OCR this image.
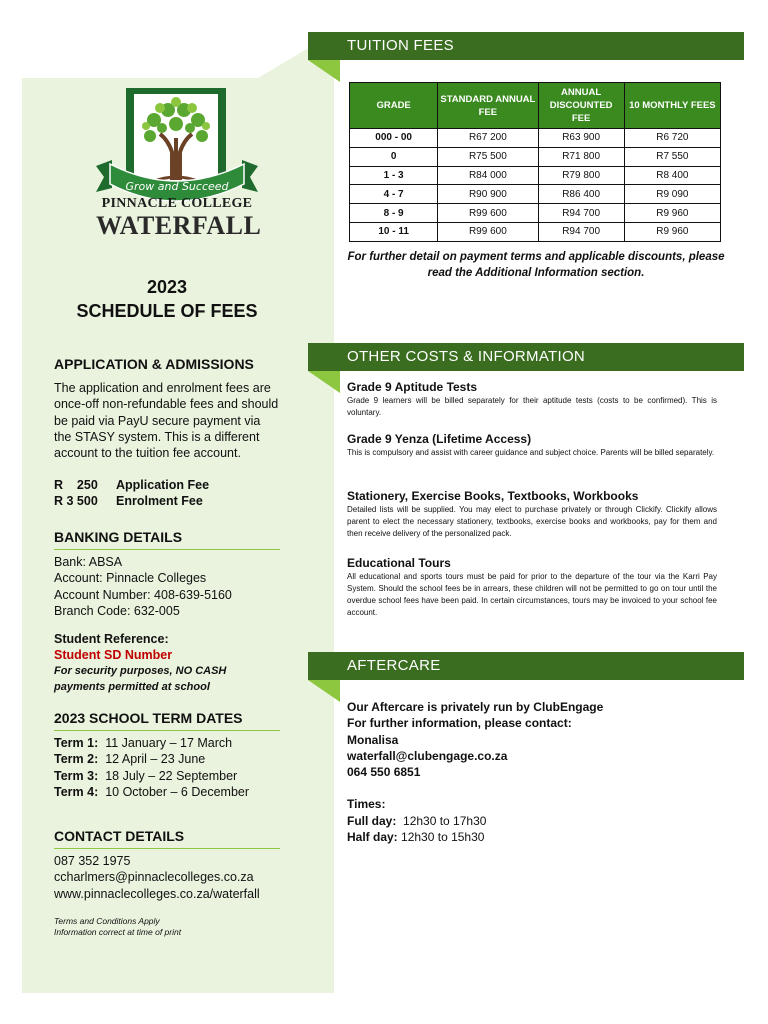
Grow and Succeed
PINNACLE COLLEGE
WATERFALL
2023
SCHEDULE OF FEES
APPLICATION & ADMISSIONS
The application and enrolment fees are once-off non-refundable fees and should be paid via PayU secure payment via the STASY system. This is a different account to the tuition fee account.
R    250	Application Fee
R 3 500	Enrolment Fee
BANKING DETAILS
Bank: ABSA
Account: Pinnacle Colleges
Account Number: 408-639-5160
Branch Code: 632-005
Student Reference:
Student SD Number
For security purposes, NO CASH payments permitted at school
2023 SCHOOL TERM DATES
Term 1: 11 January – 17 March
Term 2: 12 April – 23 June
Term 3: 18 July – 22 September
Term 4: 10 October – 6 December
CONTACT DETAILS
087 352 1975
ccharlmers@pinnaclecolleges.co.za
www.pinnaclecolleges.co.za/waterfall
Terms and Conditions Apply
Information correct at time of print
TUITION FEES
GRADE	STANDARD ANNUAL FEE	ANNUAL DISCOUNTED FEE	10 MONTHLY FEES
000 - 00	R67 200	R63 900	R6 720
0	R75 500	R71 800	R7 550
1 - 3	R84 000	R79 800	R8 400
4 - 7	R90 900	R86 400	R9 090
8 - 9	R99 600	R94 700	R9 960
10 - 11	R99 600	R94 700	R9 960
For further detail on payment terms and applicable discounts, please read the Additional Information section.
OTHER COSTS & INFORMATION
Grade 9 Aptitude Tests
Grade 9 learners will be billed separately for their aptitude tests (costs to be confirmed). This is voluntary.
Grade 9 Yenza (Lifetime Access)
This is compulsory and assist with career guidance and subject choice. Parents will be billed separately.
Stationery, Exercise Books, Textbooks, Workbooks
Detailed lists will be supplied. You may elect to purchase privately or through Clickify. Clickify allows parent to elect the necessary stationery, textbooks, exercise books and workbooks, pay for them and then receive delivery of the personalized pack.
Educational Tours
All educational and sports tours must be paid for prior to the departure of the tour via the Karri Pay System. Should the school fees be in arrears, these children will not be permitted to go on tour until the overdue school fees have been paid. In certain circumstances, tours may be invoiced to your school fee account.
AFTERCARE
Our Aftercare is privately run by ClubEngage
For further information, please contact:
Monalisa
waterfall@clubengage.co.za
064 550 6851
Times:
Full day: 12h30 to 17h30
Half day: 12h30 to 15h30
